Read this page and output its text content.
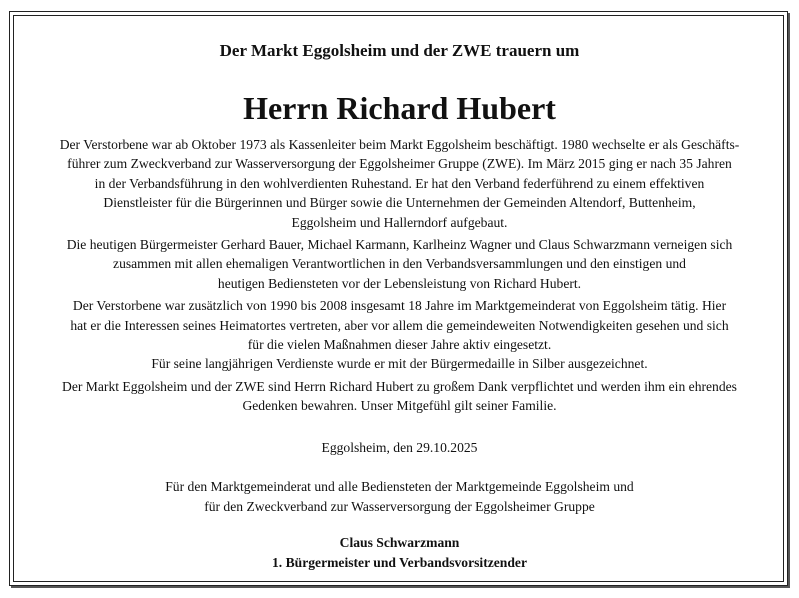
Der Markt Eggolsheim und der ZWE trauern um

Herrn Richard Hubert

Der Verstorbene war ab Oktober 1973 als Kassenleiter beim Markt Eggolsheim beschäftigt. 1980 wechselte er als Geschäfts-
führer zum Zweckverband zur Wasserversorgung der Eggolsheimer Gruppe (ZWE). Im März 2015 ging er nach 35 Jahren
in der Verbandsführung in den wohlverdienten Ruhestand. Er hat den Verband federführend zu einem effektiven
Dienstleister für die Bürgerinnen und Bürger sowie die Unternehmen der Gemeinden Altendorf, Buttenheim,
Eggolsheim und Hallerndorf aufgebaut.

Die heutigen Bürgermeister Gerhard Bauer, Michael Karmann, Karlheinz Wagner und Claus Schwarzmann verneigen sich
zusammen mit allen ehemaligen Verantwortlichen in den Verbandsversammlungen und den einstigen und
heutigen Bediensteten vor der Lebensleistung von Richard Hubert.

Der Verstorbene war zusätzlich von 1990 bis 2008 insgesamt 18 Jahre im Marktgemeinderat von Eggolsheim tätig. Hier
hat er die Interessen seines Heimatortes vertreten, aber vor allem die gemeindeweiten Notwendigkeiten gesehen und sich
für die vielen Maßnahmen dieser Jahre aktiv eingesetzt.
Für seine langjährigen Verdienste wurde er mit der Bürgermedaille in Silber ausgezeichnet.

Der Markt Eggolsheim und der ZWE sind Herrn Richard Hubert zu großem Dank verpflichtet und werden ihm ein ehrendes
Gedenken bewahren. Unser Mitgefühl gilt seiner Familie.

Eggolsheim, den 29.10.2025

Für den Marktgemeinderat und alle Bediensteten der Marktgemeinde Eggolsheim und
für den Zweckverband zur Wasserversorgung der Eggolsheimer Gruppe

Claus Schwarzmann
1. Bürgermeister und Verbandsvorsitzender
